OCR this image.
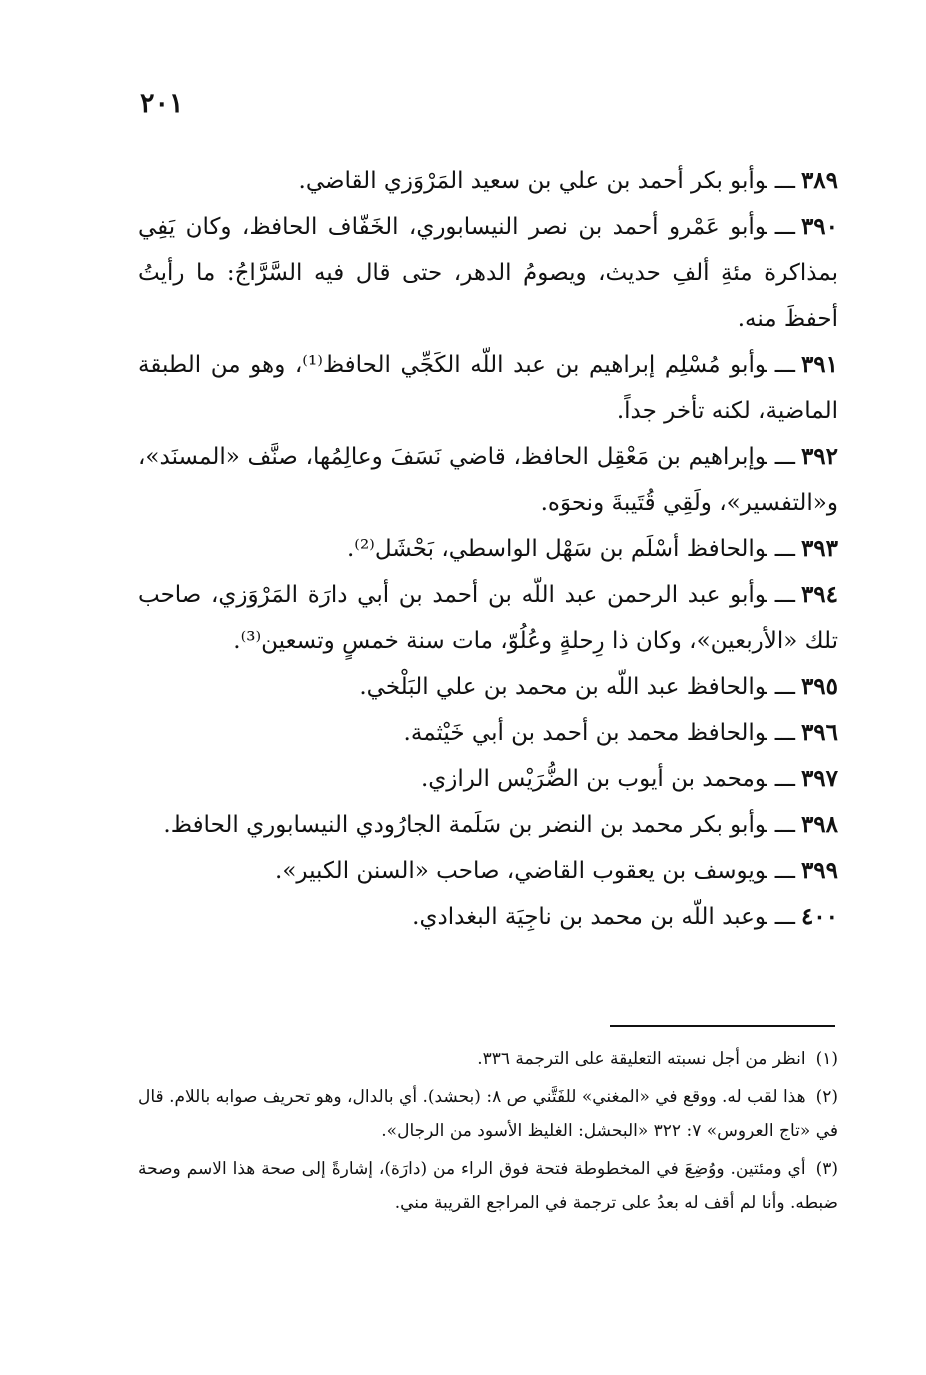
٢٠١

٣٨٩ـــوأبو بكر أحمد بن علي بن سعيد المَرْوَزي القاضي.

٣٩٠ـــوأبو عَمْرو أحمد بن نصر النيسابوري، الخَفّاف الحافظ، وكان يَفِي بمذاكرة مئةِ ألفِ حديث، ويصومُ الدهر، حتى قال فيه السَّرَّاجُ: ما رأيتُ أحفظَ منه.

٣٩١ـــوأبو مُسْلِم إبراهيم بن عبد اللّه الكَجِّي الحافظ⁽¹⁾، وهو من الطبقة الماضية، لكنه تأخر جداً.

٣٩٢ـــوإبراهيم بن مَعْقِل الحافظ، قاضي نَسَفَ وعالِمُها، صنَّف «المسنَد»، و«التفسير»، ولَقِي قُتَيبةَ ونحوَه.

٣٩٣ـــوالحافظ أسْلَم بن سَهْل الواسطي، بَحْشَل⁽²⁾.

٣٩٤ـــوأبو عبد الرحمن عبد اللّه بن أحمد بن أبي دارَة المَرْوَزي، صاحب تلك «الأربعين»، وكان ذا رِحلةٍ وعُلُوّ، مات سنة خمسٍ وتسعين⁽³⁾.

٣٩٥ـــوالحافظ عبد اللّه بن محمد بن علي البَلْخي.

٣٩٦ـــوالحافظ محمد بن أحمد بن أبي خَيْثمة.

٣٩٧ـــومحمد بن أيوب بن الضُّرَيْس الرازي.

٣٩٨ـــوأبو بكر محمد بن النضر بن سَلَمة الجارُودي النيسابوري الحافظ.

٣٩٩ـــويوسف بن يعقوب القاضي، صاحب «السنن الكبير».

٤٠٠ـــوعبد اللّه بن محمد بن ناجِيَة البغدادي.

(١)انظر من أجل نسبته التعليقة على الترجمة ٣٣٦.

(٢)هذا لقب له. ووقع في «المغني» للفَتَّني ص ٨: (بحشد). أي بالدال، وهو تحريف صوابه باللام. قال في «تاج العروس» ٧: ٣٢٢ «البحشل: الغليظ الأسود من الرجال».

(٣)أي ومئتين. ووُضِعَ في المخطوطة فتحة فوق الراء من (دارَة)، إشارةً إلى صحة هذا الاسم وصحة ضبطه. وأنا لم أقف له بعدُ على ترجمة في المراجع القريبة مني.
